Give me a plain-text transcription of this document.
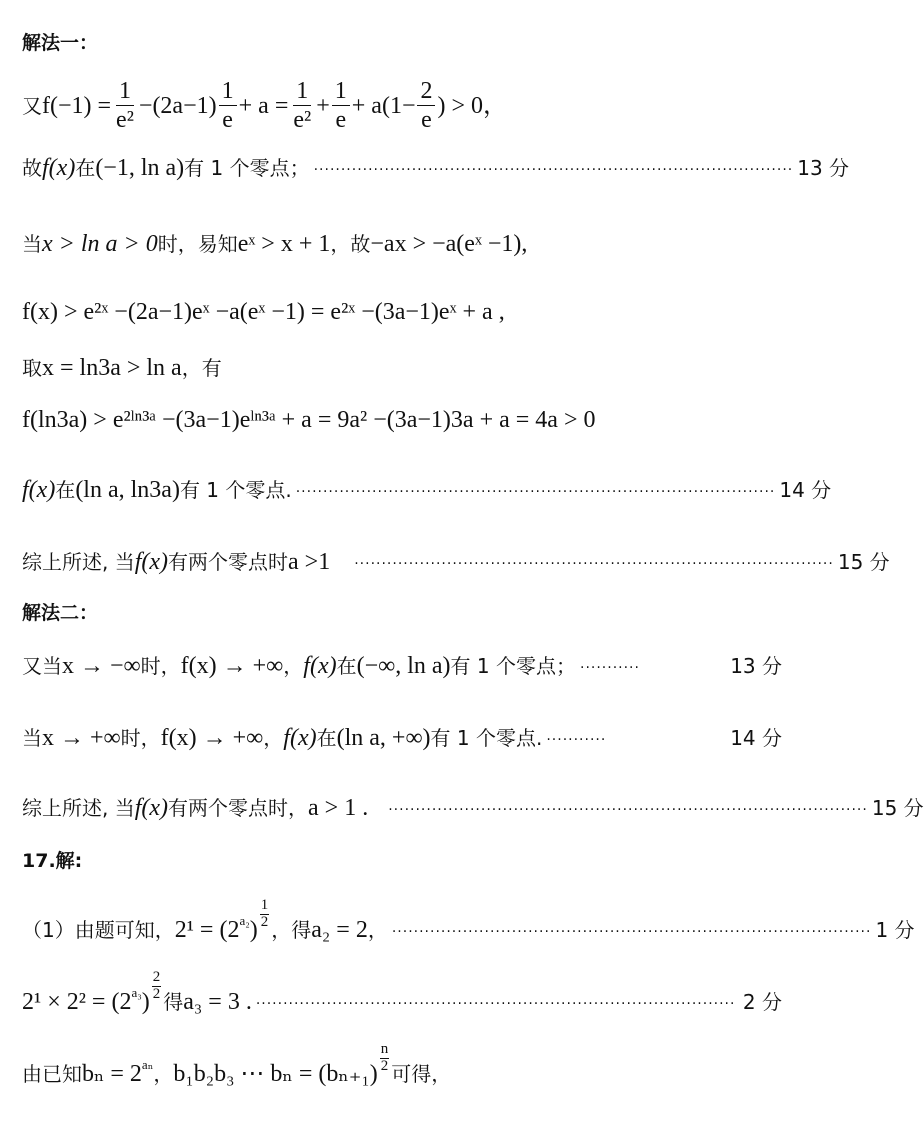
解法一：
又 $f(-1) = \frac{1}{\text{e²}} -(2a-1) \frac{1}{e} + a = \frac{1}{\text{e²}} + \frac{1}{e} + a(1- \frac{2}{e}$ ) > 0，
故 f(x) 在 (−1, ln a) 有 1 个零点； ························································································ 13 分
当 x > ln a > 0 时，易知 eˣ > x + 1 ，故 −ax > −a(eˣ −1),
f(x) > e²ˣ −(2a−1)eˣ −a(eˣ −1) = e²ˣ −(3a−1)eˣ + a ,
取 x = ln3a > ln a ，有
f(ln3a) > e²ˡⁿ³ᵃ −(3a−1)eˡⁿ³ᵃ + a = 9a² −(3a−1)3a + a = 4a > 0
f(x) 在 (ln a, ln3a) 有 1 个零点. ························································································ 14 分
综上所述, 当 f(x) 有两个零点时 a >1 ························································································ 15 分
解法二：
又当 x → −∞ 时， f(x) → +∞ ， f(x) 在 (−∞, ln a) 有 1 个零点； ···········	13 分
当 x → +∞ 时， f(x) → +∞ ， f(x) 在 (ln a, +∞) 有 1 个零点. ···········	14 分
综上所述, 当 f(x) 有两个零点时， a > 1 . ························································································ 15 分
17.解:
（1）由题可知， 2¹ = (2 a₂ ) $\frac{1}{2}$ ，得 a₂ = 2 ， ························································································ 1 分
2¹ × 2² = (2 a₃ ) $\frac{2}{2}$ 得 a₃ = 3 . ························································································ 2 分
由已知 bₙ = 2 aₙ ， b₁b₂b₃ ⋯ $b_n = (b_{n+1}) \frac{n}{2}$ 可得，
